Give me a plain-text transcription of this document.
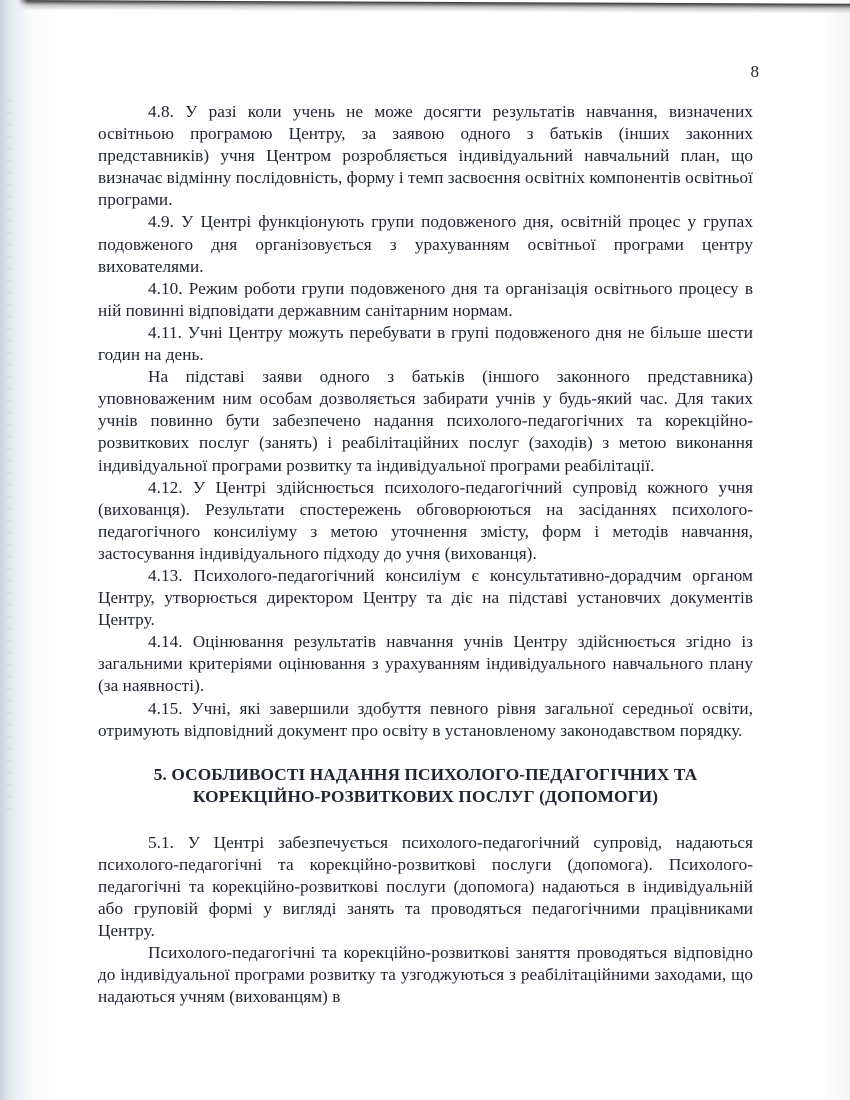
8

4.8. У разі коли учень не може досягти результатів навчання, визначених освітньою програмою Центру, за заявою одного з батьків (інших законних представників) учня Центром розробляється індивідуальний навчальний план, що визначає відмінну послідовність, форму і темп засвоєння освітніх компонентів освітньої програми.

4.9. У Центрі функціонують групи подовженого дня, освітній процес у групах подовженого дня організовується з урахуванням освітньої програми центру вихователями.

4.10. Режим роботи групи подовженого дня та організація освітнього процесу в ній повинні відповідати державним санітарним нормам.

4.11. Учні Центру можуть перебувати в групі подовженого дня не більше шести годин на день.

На підставі заяви одного з батьків (іншого законного представника) уповноваженим ним особам дозволяється забирати учнів у будь-який час. Для таких учнів повинно бути забезпечено надання психолого-педагогічних та корекційно-розвиткових послуг (занять) і реабілітаційних послуг (заходів) з метою виконання індивідуальної програми розвитку та індивідуальної програми реабілітації.

4.12. У Центрі здійснюється психолого-педагогічний супровід кожного учня (вихованця). Результати спостережень обговорюються на засіданнях психолого-педагогічного консиліуму з метою уточнення змісту, форм і методів навчання, застосування індивідуального підходу до учня (вихованця).

4.13. Психолого-педагогічний консиліум є консультативно-дорадчим органом Центру, утворюється директором Центру та діє на підставі установчих документів Центру.

4.14. Оцінювання результатів навчання учнів Центру здійснюється згідно із загальними критеріями оцінювання з урахуванням індивідуального навчального плану (за наявності).

4.15. Учні, які завершили здобуття певного рівня загальної середньої освіти, отримують відповідний документ про освіту в установленому законодавством порядку.

5. ОСОБЛИВОСТІ НАДАННЯ ПСИХОЛОГО-ПЕДАГОГІЧНИХ ТА
КОРЕКЦІЙНО-РОЗВИТКОВИХ ПОСЛУГ (ДОПОМОГИ)

5.1. У Центрі забезпечується психолого-педагогічний супровід, надаються психолого-педагогічні та корекційно-розвиткові послуги (допомога). Психолого-педагогічні та корекційно-розвиткові послуги (допомога) надаються в індивідуальній або груповій формі у вигляді занять та проводяться педагогічними працівниками Центру.

Психолого-педагогічні та корекційно-розвиткові заняття проводяться відповідно до індивідуальної програми розвитку та узгоджуються з реабілітаційними заходами, що надаються учням (вихованцям) в
